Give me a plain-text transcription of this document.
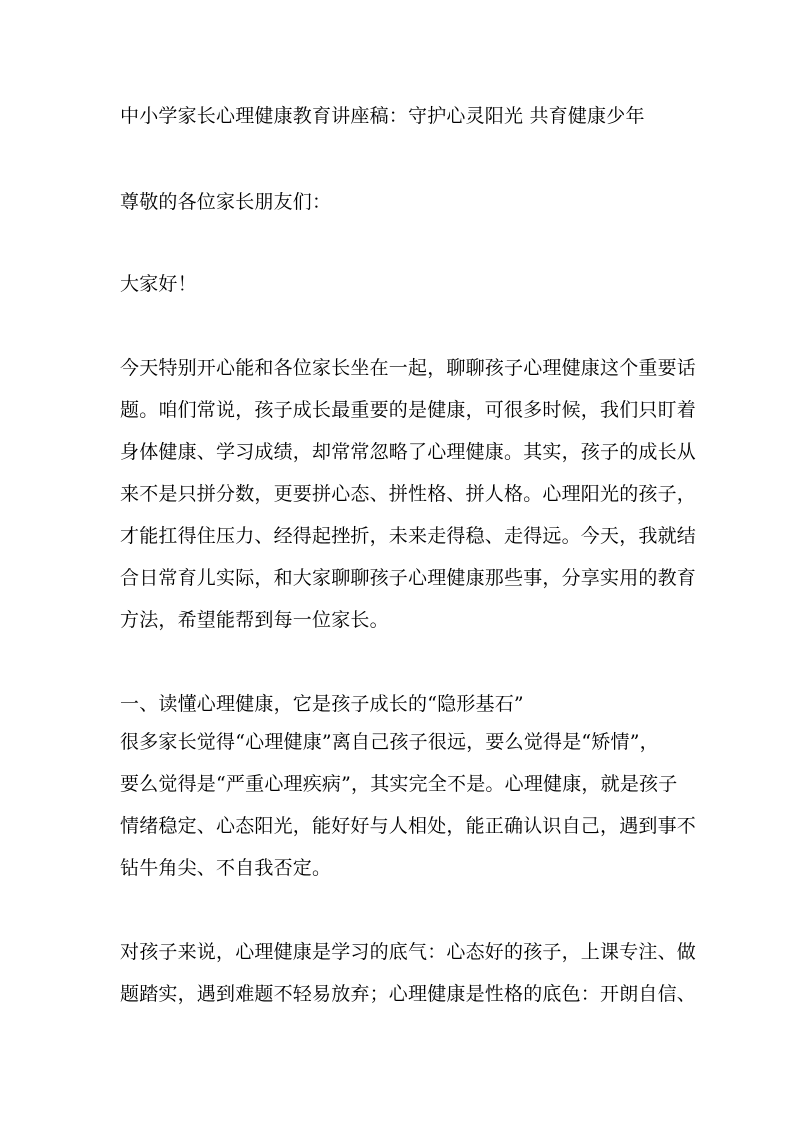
中小学家长心理健康教育讲座稿：守护心灵阳光 共育健康少年
尊敬的各位家长朋友们：
大家好！
今天特别开心能和各位家长坐在一起，聊聊孩子心理健康这个重要话
题。咱们常说，孩子成长最重要的是健康，可很多时候，我们只盯着
身体健康、学习成绩，却常常忽略了心理健康。其实，孩子的成长从
来不是只拼分数，更要拼心态、拼性格、拼人格。心理阳光的孩子，
才能扛得住压力、经得起挫折，未来走得稳、走得远。今天，我就结
合日常育儿实际，和大家聊聊孩子心理健康那些事，分享实用的教育
方法，希望能帮到每一位家长。
一、读懂心理健康，它是孩子成长的“隐形基石”
很多家长觉得“心理健康”离自己孩子很远，要么觉得是“矫情”，
要么觉得是“严重心理疾病”，其实完全不是。心理健康，就是孩子
情绪稳定、心态阳光，能好好与人相处，能正确认识自己，遇到事不
钻牛角尖、不自我否定。
对孩子来说，心理健康是学习的底气：心态好的孩子，上课专注、做
题踏实，遇到难题不轻易放弃；心理健康是性格的底色：开朗自信、
